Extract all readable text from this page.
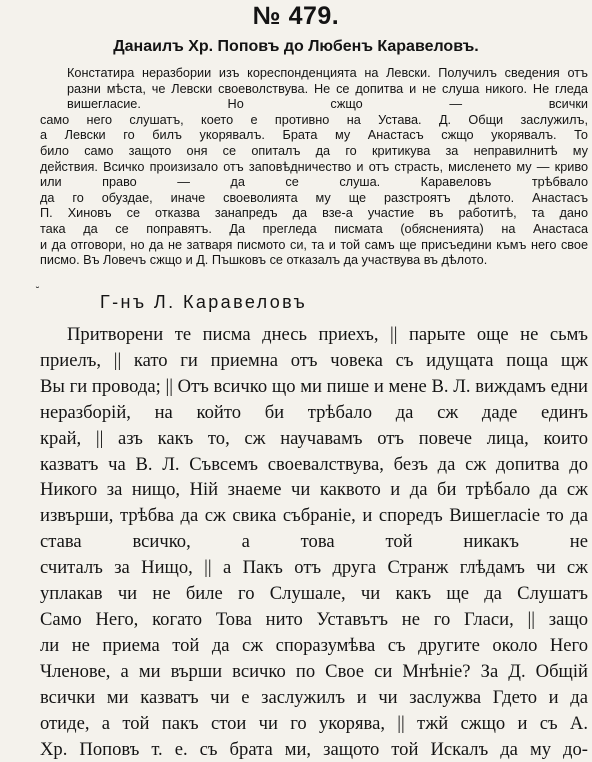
№ 479.
Данаилъ Хр. Поповъ до Любенъ Каравеловъ.
Констатира неразбории изъ кореспонденцията на Левски. Получилъ сведения отъ разни мѣста, че Левски своеволствува. Не се допитва и не слуша никого. Не гледа вишегласие. Но сжщо — всички
само него слушатъ, което е противно на Устава. Д. Общи заслужилъ,
а Левски го билъ укорявалъ. Брата му Анастасъ сжщо укорявалъ. То
било само защото оня се опиталъ да го критикува за неправилнитѣ му
действия. Всичко произизало отъ заповѣдничество и отъ страсть, мисленето му — криво или право — да се слуша. Каравеловъ трѣбвало
да го обуздае, иначе своеволията му ще разстроятъ дѣлото. Анастасъ
П. Хиновъ се отказва занапредъ да взе‑а участие въ работитѣ, та дано
така да се поправятъ. Да прегледа писмата (обясненията) на Анастаса
и да отговори, но да не затваря писмото си, та и той самъ ще присъедини къмъ него свое писмо. Въ Ловечъ сжщо и Д. Пъшковъ се отказалъ да участвува въ дѣлото.
˘
Г-нъ Л. Каравеловъ
Притворени те писма днесь приехъ, || парыте още не сьмъ
приелъ, || като ги приемна отъ човека съ идущата поща щж
Вы ги провода; || Отъ всичко що ми пише и мене В. Л. виждамъ едни неразборій, на който би трѣбало да сж даде единъ
край, || азъ какъ то, сж научавамъ отъ повече лица, които
казватъ ча В. Л. Съвсемъ своевалствува, безъ да сж допитва до Никого за нищо, Ній знаеме чи каквото и да би трѣбало да сж извърши, трѣбва да сж свика събраніе, и споредъ Вишегласіе то да става всичко, а това той никакъ не
считалъ за Нищо, || а Пакъ отъ друга Странж глѣдамъ чи сж
уплакав чи не биле го Слушале, чи какъ ще да Слушатъ
Само Него, когато Това нито Уставътъ не го Гласи, || защо
ли не приема той да сж споразумѣва съ другите около Него
Членове, а ми върши всичко по Свое си Мнѣніе? За Д. Общій
всички ми казватъ чи е заслужилъ и чи заслужва Гдето и да
отиде, а той пакъ стои чи го укорява, || тжй сжщо и съ А.
Хр. Поповъ т. е. съ брата ми, защото той Искалъ да му до-
